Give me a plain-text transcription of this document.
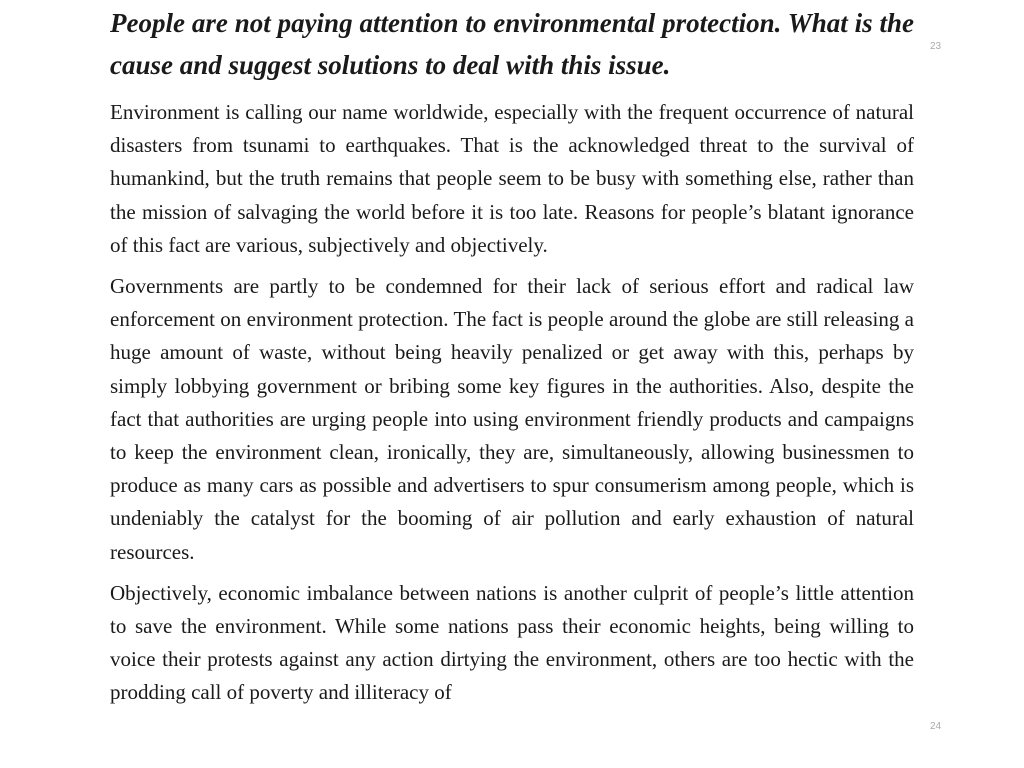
People are not paying attention to environmental protection. What is the cause and suggest solutions to deal with this issue.

Environment is calling our name worldwide, especially with the frequent occurrence of natural disasters from tsunami to earthquakes. That is the acknowledged threat to the survival of humankind, but the truth remains that people seem to be busy with something else, rather than the mission of salvaging the world before it is too late. Reasons for people’s blatant ignorance of this fact are various, subjectively and objectively.

Governments are partly to be condemned for their lack of serious effort and radical law enforcement on environment protection. The fact is people around the globe are still releasing a huge amount of waste, without being heavily penalized or get away with this, perhaps by simply lobbying government or bribing some key figures in the authorities. Also, despite the fact that authorities are urging people into using environment friendly products and campaigns to keep the environment clean, ironically, they are, simultaneously, allowing businessmen to produce as many cars as possible and advertisers to spur consumerism among people, which is undeniably the catalyst for the booming of air pollution and early exhaustion of natural resources.

Objectively, economic imbalance between nations is another culprit of people’s little attention to save the environment. While some nations pass their economic heights, being willing to voice their protests against any action dirtying the environment, others are too hectic with the prodding call of poverty and illiteracy of

23
24
